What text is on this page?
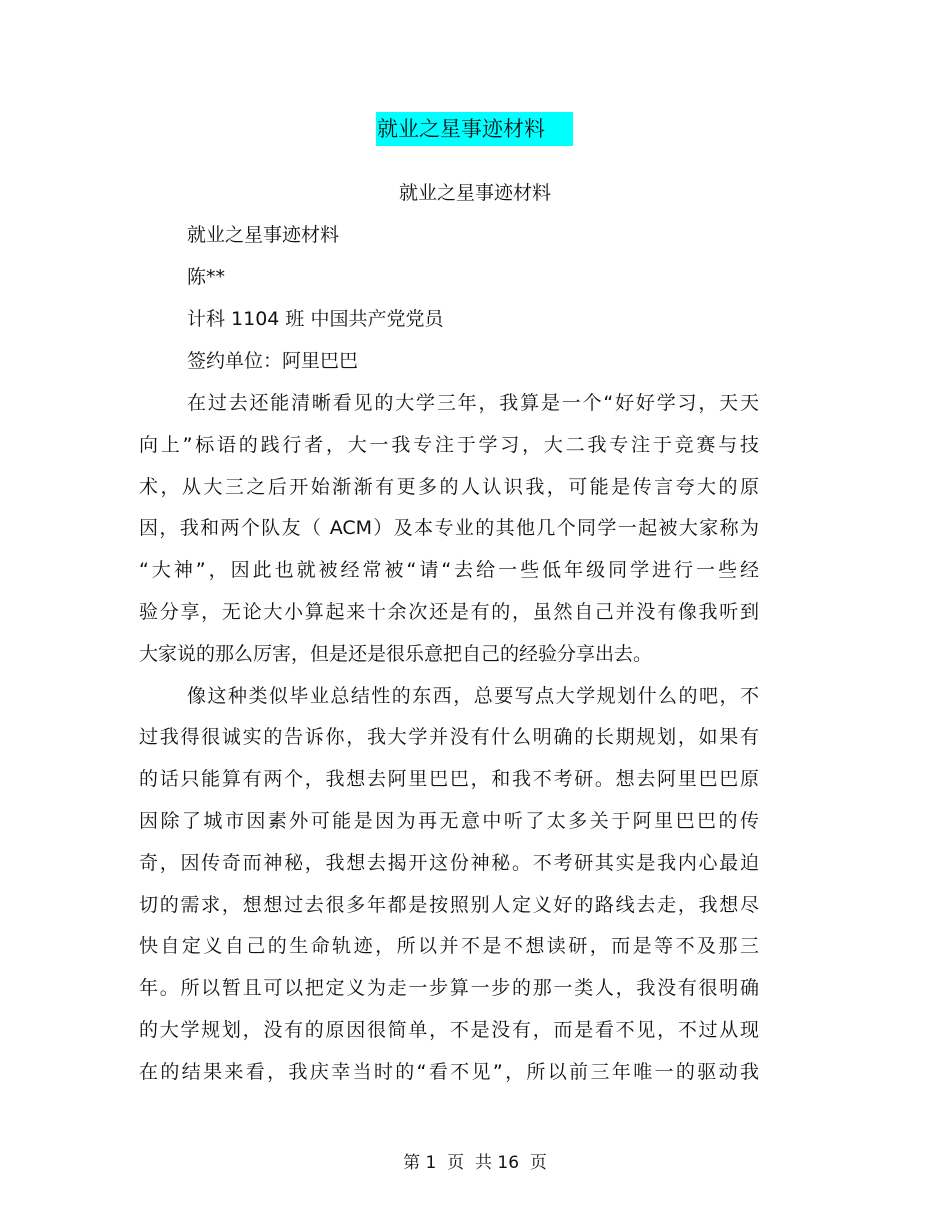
就业之星事迹材料
就业之星事迹材料
就业之星事迹材料
陈**
计科 1104 班 中国共产党党员
签约单位：阿里巴巴
在过去还能清晰看见的大学三年，我算是一个“好好学习，天天
向上”标语的践行者，大一我专注于学习，大二我专注于竞赛与技
术，从大三之后开始渐渐有更多的人认识我，可能是传言夸大的原
因，我和两个队友（ ACM）及本专业的其他几个同学一起被大家称为
“大神”，因此也就被经常被“请“去给一些低年级同学进行一些经
验分享，无论大小算起来十余次还是有的，虽然自己并没有像我听到
大家说的那么厉害，但是还是很乐意把自己的经验分享出去。
像这种类似毕业总结性的东西，总要写点大学规划什么的吧，不
过我得很诚实的告诉你，我大学并没有什么明确的长期规划，如果有
的话只能算有两个，我想去阿里巴巴，和我不考研。想去阿里巴巴原
因除了城市因素外可能是因为再无意中听了太多关于阿里巴巴的传
奇，因传奇而神秘，我想去揭开这份神秘。不考研其实是我内心最迫
切的需求，想想过去很多年都是按照别人定义好的路线去走，我想尽
快自定义自己的生命轨迹，所以并不是不想读研，而是等不及那三
年。所以暂且可以把定义为走一步算一步的那一类人，我没有很明确
的大学规划，没有的原因很简单，不是没有，而是看不见，不过从现
在的结果来看，我庆幸当时的“看不见”，所以前三年唯一的驱动我
第 1  页  共 16  页
